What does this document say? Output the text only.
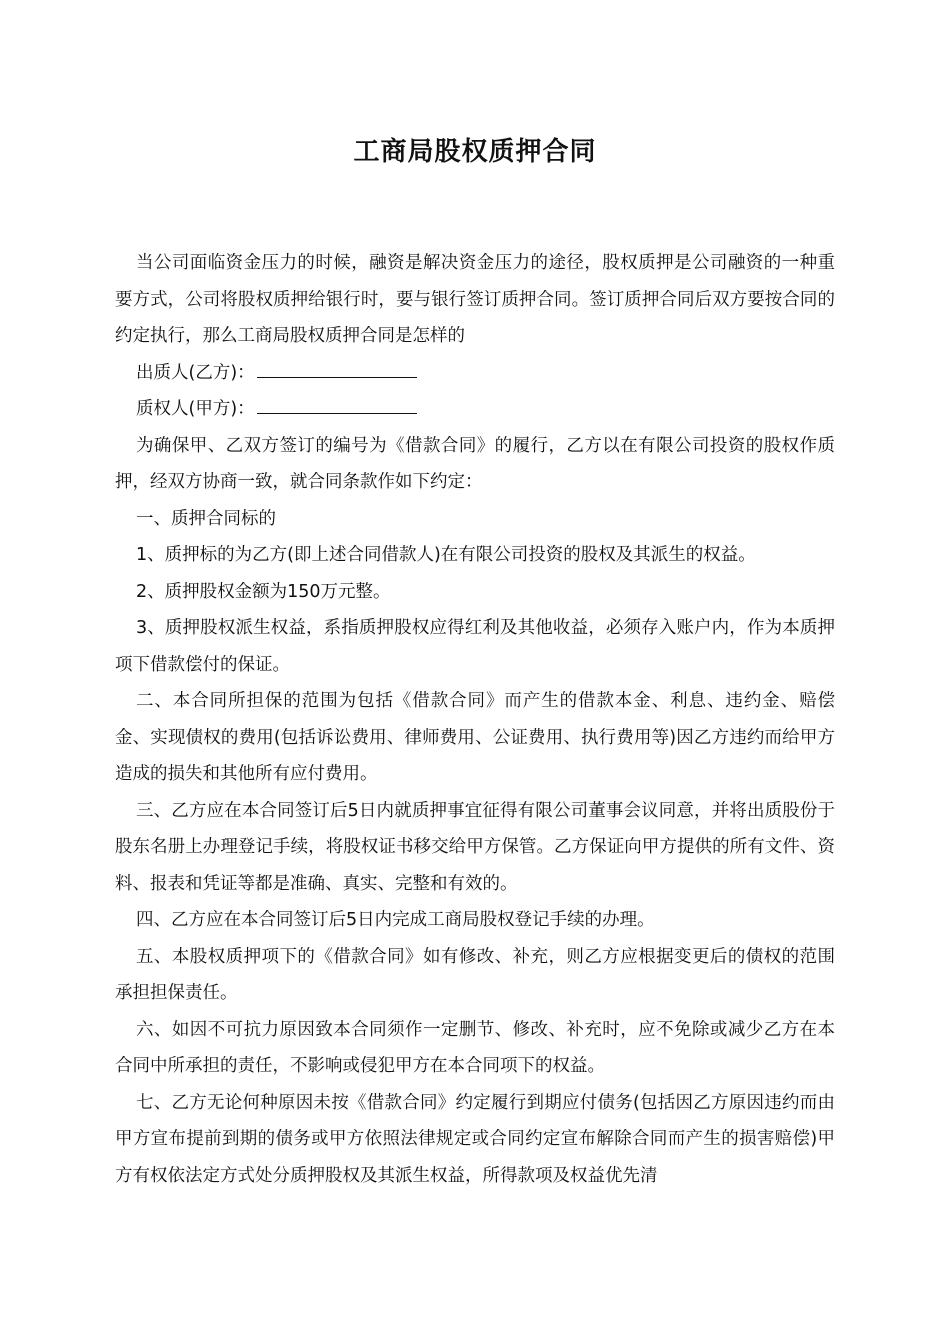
工商局股权质押合同

当公司面临资金压力的时候，融资是解决资金压力的途径，股权质押是公司融资的一种重要方式，公司将股权质押给银行时，要与银行签订质押合同。签订质押合同后双方要按合同的约定执行，那么工商局股权质押合同是怎样的

出质人(乙方)：

质权人(甲方)：

为确保甲、乙双方签订的编号为《借款合同》的履行，乙方以在有限公司投资的股权作质押，经双方协商一致，就合同条款作如下约定：

一、质押合同标的

1、质押标的为乙方(即上述合同借款人)在有限公司投资的股权及其派生的权益。

2、质押股权金额为150万元整。

3、质押股权派生权益，系指质押股权应得红利及其他收益，必须存入账户内，作为本质押项下借款偿付的保证。

二、本合同所担保的范围为包括《借款合同》而产生的借款本金、利息、违约金、赔偿金、实现债权的费用(包括诉讼费用、律师费用、公证费用、执行费用等)因乙方违约而给甲方造成的损失和其他所有应付费用。

三、乙方应在本合同签订后5日内就质押事宜征得有限公司董事会议同意，并将出质股份于股东名册上办理登记手续，将股权证书移交给甲方保管。乙方保证向甲方提供的所有文件、资料、报表和凭证等都是准确、真实、完整和有效的。

四、乙方应在本合同签订后5日内完成工商局股权登记手续的办理。

五、本股权质押项下的《借款合同》如有修改、补充，则乙方应根据变更后的债权的范围承担担保责任。

六、如因不可抗力原因致本合同须作一定删节、修改、补充时，应不免除或减少乙方在本合同中所承担的责任，不影响或侵犯甲方在本合同项下的权益。

七、乙方无论何种原因未按《借款合同》约定履行到期应付债务(包括因乙方原因违约而由甲方宣布提前到期的债务或甲方依照法律规定或合同约定宣布解除合同而产生的损害赔偿)甲方有权依法定方式处分质押股权及其派生权益，所得款项及权益优先清
